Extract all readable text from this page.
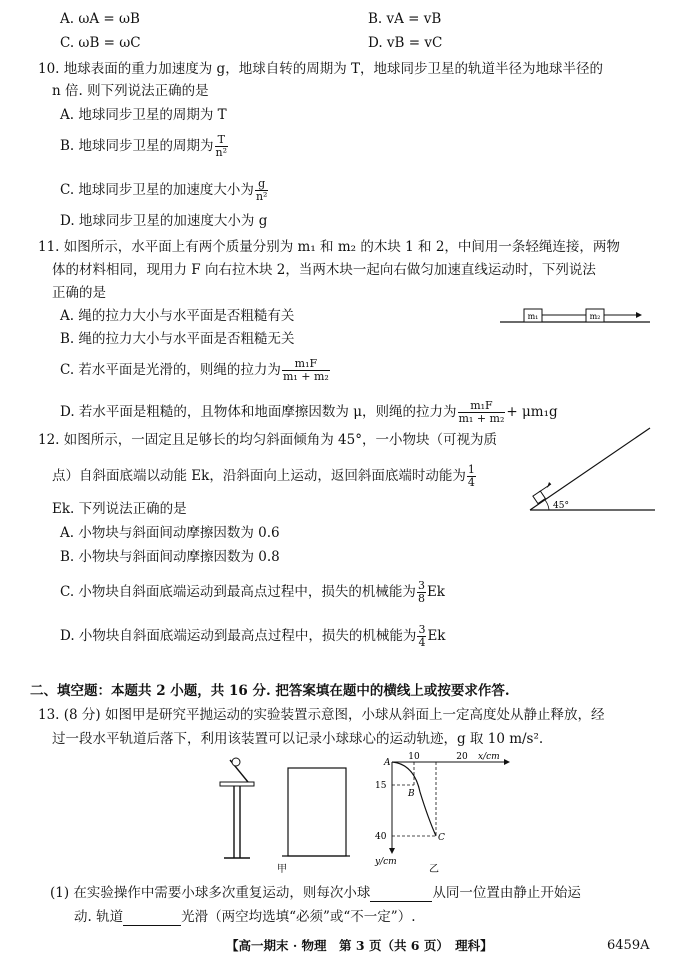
A. ωA = ωB	B. vA = vB
C. ωB = ωC	D. vB = vC
10. 地球表面的重力加速度为 g，地球自转的周期为 T，地球同步卫星的轨道半径为地球半径的
n 倍. 则下列说法正确的是
A. 地球同步卫星的周期为 T
B. 地球同步卫星的周期为 $\frac{T}{\text{n²}}$
C. 地球同步卫星的加速度大小为 $\frac{g}{\text{n²}}$
D. 地球同步卫星的加速度大小为 g
11. 如图所示，水平面上有两个质量分别为 m₁ 和 m₂ 的木块 1 和 2，中间用一条轻绳连接，两物
体的材料相同，现用力 F 向右拉木块 2，当两木块一起向右做匀加速直线运动时，下列说法
正确的是
A. 绳的拉力大小与水平面是否粗糙有关
B. 绳的拉力大小与水平面是否粗糙无关
C. 若水平面是光滑的，则绳的拉力为 $\frac{\text{m₁F}}{\text{m₁ + m₂}}$
D. 若水平面是粗糙的，且物体和地面摩擦因数为 μ，则绳的拉力为 $\frac{\text{m₁F}}{\text{m₁ + m₂}} + \mu m_1g$
m₁	m₂
12. 如图所示，一固定且足够长的均匀斜面倾角为 45°，一小物块（可视为质
点）自斜面底端以动能 Ek，沿斜面向上运动，返回斜面底端时动能为 $\frac{1}{4}$
Ek. 下列说法正确的是
A. 小物块与斜面间动摩擦因数为 0.6
B. 小物块与斜面间动摩擦因数为 0.8
C. 小物块自斜面底端运动到最高点过程中，损失的机械能为 $\frac{3}{8}$ Ek
D. 小物块自斜面底端运动到最高点过程中，损失的机械能为 $\frac{3}{4}$ Ek
45°
二、填空题：本题共 2 小题，共 16 分. 把答案填在题中的横线上或按要求作答.
13. (8 分) 如图甲是研究平抛运动的实验装置示意图，小球从斜面上一定高度处从静止释放，经
过一段水平轨道后落下，利用该装置可以记录小球球心的运动轨迹，g 取 10 m/s².
甲
x/cm
y/cm
A
10	20
15
40
B
C
乙
(1) 在实验操作中需要小球多次重复运动，则每次小球	从同一位置由静止开始运
动. 轨道	光滑（两空均选填“必须”或“不一定”）.
【高一期末 · 物理　第 3 页（共 6 页）　理科】	6459A
